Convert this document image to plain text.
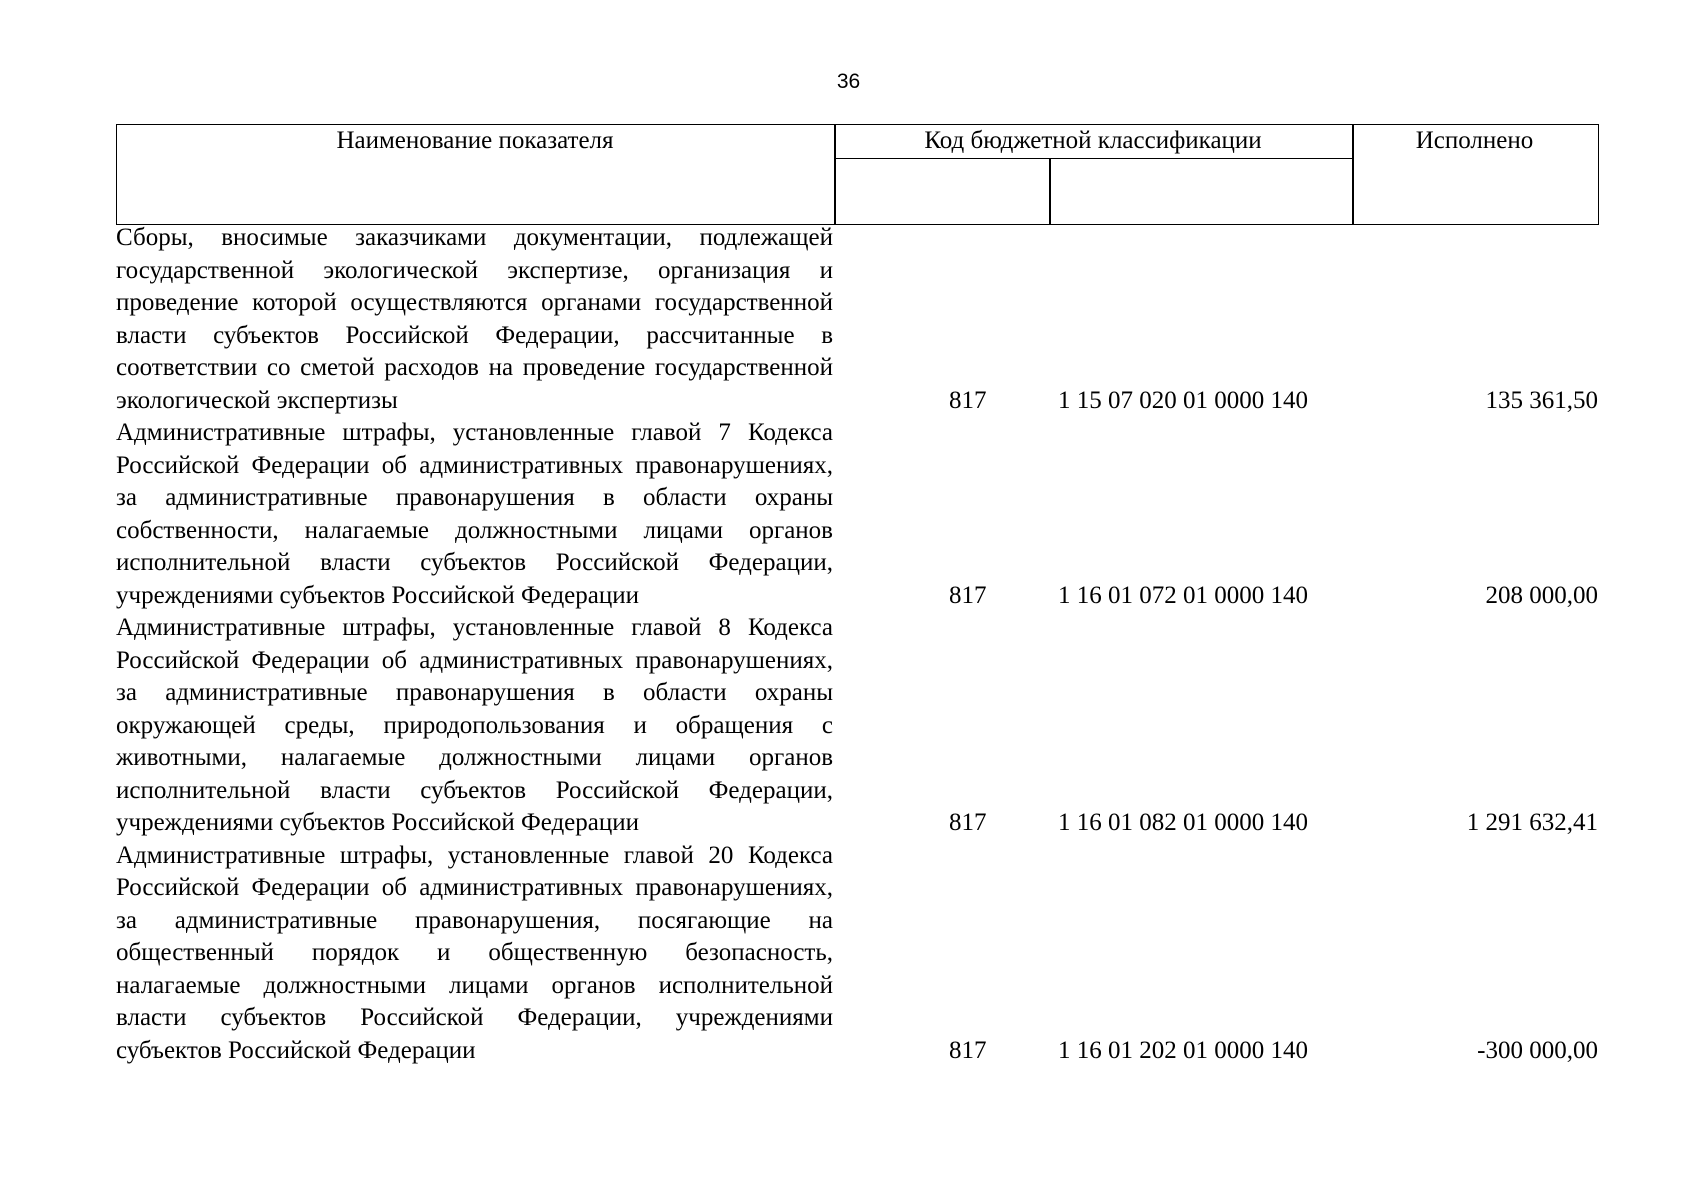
36
Наименование показателя	Код бюджетной классификации	Исполнено
Сборы, вносимые заказчиками документации, подлежащей государственной экологической экспертизе, организация и проведение которой осуществляются органами государственной власти субъектов Российской Федерации, рассчитанные в соответствии со сметой расходов на проведение государственной экологической экспертизы	817	1 15 07 020 01 0000 140	135 361,50
Административные штрафы, установленные главой 7 Кодекса Российской Федерации об административных правонарушениях, за административные правонарушения в области охраны собственности, налагаемые должностными лицами органов исполнительной власти субъектов Российской Федерации, учреждениями субъектов Российской Федерации	817	1 16 01 072 01 0000 140	208 000,00
Административные штрафы, установленные главой 8 Кодекса Российской Федерации об административных правонарушениях, за административные правонарушения в области охраны окружающей среды, природопользования и обращения с животными, налагаемые должностными лицами органов исполнительной власти субъектов Российской Федерации, учреждениями субъектов Российской Федерации	817	1 16 01 082 01 0000 140	1 291 632,41
Административные штрафы, установленные главой 20 Кодекса Российской Федерации об административных правонарушениях, за административные правонарушения, посягающие на общественный порядок и общественную безопасность, налагаемые должностными лицами органов исполнительной власти субъектов Российской Федерации, учреждениями субъектов Российской Федерации	817	1 16 01 202 01 0000 140	-300 000,00
